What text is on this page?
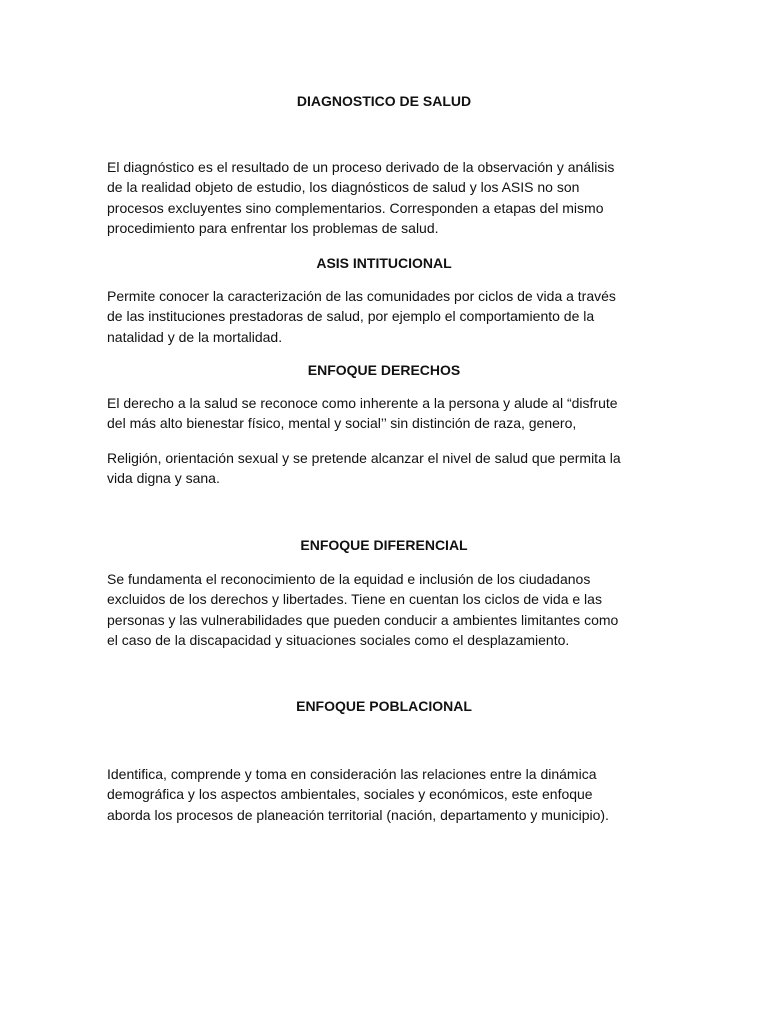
DIAGNOSTICO DE SALUD

El diagnóstico es el resultado de un proceso derivado de la observación y análisis
de la realidad objeto de estudio, los diagnósticos de salud y los ASIS no son
procesos excluyentes sino complementarios. Corresponden a etapas del mismo
procedimiento para enfrentar los problemas de salud.

ASIS INTITUCIONAL

Permite conocer la caracterización de las comunidades por ciclos de vida a través
de las instituciones prestadoras de salud, por ejemplo el comportamiento de la
natalidad y de la mortalidad.

ENFOQUE DERECHOS

El derecho a la salud se reconoce como inherente a la persona y alude al “disfrute
del más alto bienestar físico, mental y social’’ sin distinción de raza, genero,

Religión, orientación sexual y se pretende alcanzar el nivel de salud que permita la
vida digna y sana.

ENFOQUE DIFERENCIAL

Se fundamenta el reconocimiento de la equidad e inclusión de los ciudadanos
excluidos de los derechos y libertades. Tiene en cuentan los ciclos de vida e las
personas y las vulnerabilidades que pueden conducir a ambientes limitantes como
el caso de la discapacidad y situaciones sociales como el desplazamiento.

ENFOQUE POBLACIONAL

Identifica, comprende y toma en consideración las relaciones entre la dinámica
demográfica y los aspectos ambientales, sociales y económicos, este enfoque
aborda los procesos de planeación territorial (nación, departamento y municipio).
